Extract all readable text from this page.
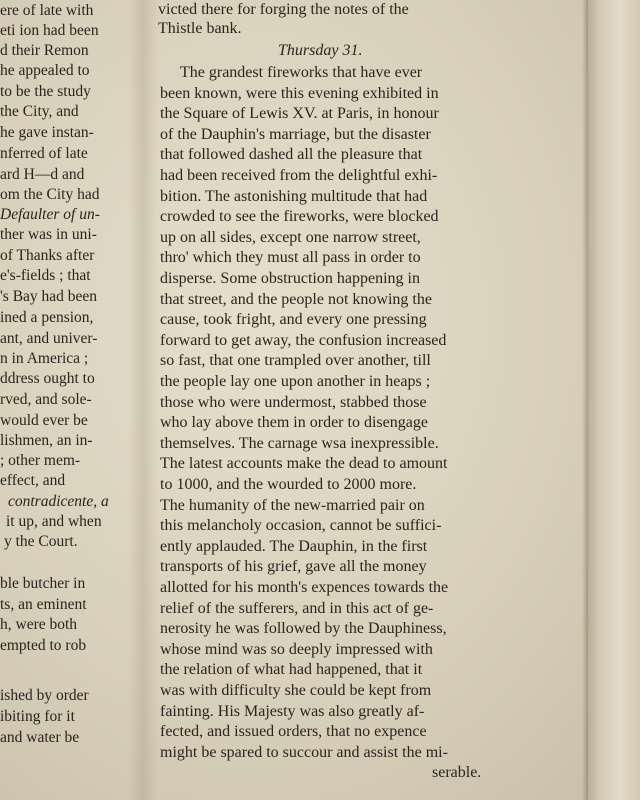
ere of late with
eti ion had been
d their Remon
he appealed to
to be the study
the City, and
he gave instan-
nferred of late
ard H—d and
om the City had
Defaulter of un-
ther was in uni-
of Thanks after
e's-fields ; that
's Bay had been
ined a pension,
ant, and univer-
n in America ;
ddress ought to
rved, and sole-
would ever be
lishmen, an in-
; other mem-
effect, and
contradicente, a
it up, and when
y the Court.
ble butcher in
ts, an eminent
h, were both
empted to rob
ished by order
ibiting for it
and water be
victed there for forging the notes of the
Thistle bank.
Thursday 31.
The grandest fireworks that have ever
been known, were this evening exhibited in
the Square of Lewis XV. at Paris, in honour
of the Dauphin's marriage, but the disaster
that followed dashed all the pleasure that
had been received from the delightful exhi-
bition. The astonishing multitude that had
crowded to see the fireworks, were blocked
up on all sides, except one narrow street,
thro' which they must all pass in order to
disperse. Some obstruction happening in
that street, and the people not knowing the
cause, took fright, and every one pressing
forward to get away, the confusion increased
so fast, that one trampled over another, till
the people lay one upon another in heaps ;
those who were undermost, stabbed those
who lay above them in order to disengage
themselves. The carnage wsa inexpressible.
The latest accounts make the dead to amount
to 1000, and the wourded to 2000 more.
The humanity of the new-married pair on
this melancholy occasion, cannot be suffici-
ently applauded. The Dauphin, in the first
transports of his grief, gave all the money
allotted for his month's expences towards the
relief of the sufferers, and in this act of ge-
nerosity he was followed by the Dauphiness,
whose mind was so deeply impressed with
the relation of what had happened, that it
was with difficulty she could be kept from
fainting. His Majesty was also greatly af-
fected, and issued orders, that no expence
might be spared to succour and assist the mi-
serable.
